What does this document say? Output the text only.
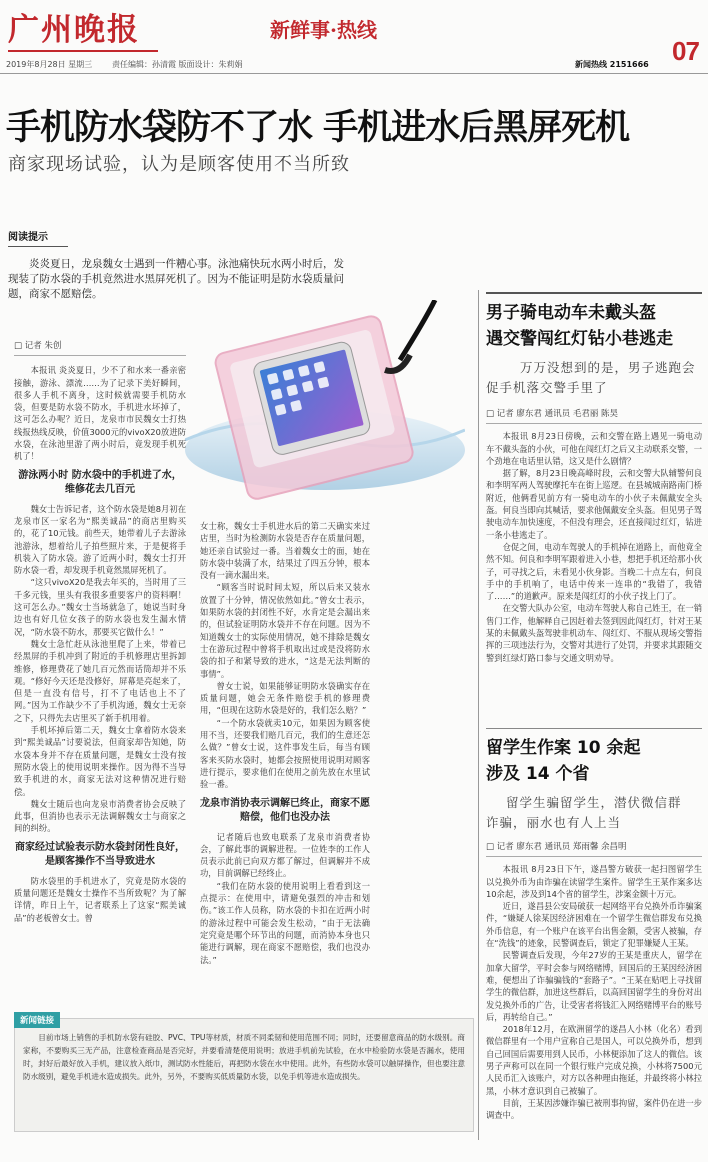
广州晚报	新鲜事·热线
07
2019年8月28日 星期三 责任编辑：孙清霞 版面设计：朱莉娟	新闻热线 2151666
手机防水袋防不了水 手机进水后黑屏死机
商家现场试验，认为是顾客使用不当所致
阅读提示
炎炎夏日，龙泉魏女士遇到一件糟心事。泳池痛快玩水两小时后，发现装了防水袋的手机竟然进水黑屏死机了。因为不能证明是防水袋质量问题，商家不愿赔偿。

□ 记者 朱创

本报讯 炎炎夏日，少不了和水来一番亲密接触，游泳、漂流……为了记录下美好瞬间，很多人手机不离身，这时候就需要手机防水袋，但要是防水袋不防水，手机进水坏掉了，这可怎么办呢？近日，龙泉市市民魏女士打热线报热线反映，价值3000元的vivoX20放进防水袋，在泳池里游了两小时后，竟发现手机死机了！

游泳两小时 防水袋中的手机进了水，维修花去几百元

魏女士告诉记者，这个防水袋是她8月初在龙泉市区一家名为“熙美诚品”的商店里购买的，花了10元钱。前些天，她带着儿子去游泳池游泳，想着给儿子拍些照片来，于是便将手机装入了防水袋。游了近两小时，魏女士打开防水袋一看，却发现手机竟然黑屏死机了。

“这只vivoX20是我去年买的，当时用了三千多元钱，里头有我很多重要客户的资料啊！这可怎么办。”魏女士当场就急了，她说当时身边也有好几位女孩子的防水袋也发生漏水情况，“防水袋不防水，那要买它做什么！”

魏女士急忙赶从泳池里爬了上来，带着已经黑屏的手机冲到了附近的手机修理店里拆卸维修，修理费花了她几百元然而话筒却并不乐观。“修好今天还是没修好，屏幕是亮起来了，但是一直没有信号，打不了电话也上不了网。”因为工作缺少不了手机沟通，魏女士无奈之下，只得先去店里买了新手机用着。

手机坏掉后第二天，魏女士拿着防水袋来到“熙美诚品”讨要说法，但商家却告知她，防水袋本身并不存在质量问题，是魏女士没有按照防水袋上的使用说明来操作。因为得不当导致手机进的水，商家无法对这种情况进行赔偿。

魏女士随后也向龙泉市消费者协会反映了此事，但消协也表示无法调解魏女士与商家之间的纠纷。

商家经过试验表示防水袋封闭性良好，是顾客操作不当导致进水

防水袋里的手机进水了，究竟是防水袋的质量问题还是魏女士操作不当所致呢？为了解详情，昨日上午，记者联系上了这家“熙美诚品”的老板曾女士。曾

女士称，魏女士手机进水后的第二天确实来过店里，当时为检测防水袋是否存在质量问题，她还亲自试验过一番。当着魏女士的面，她在防水袋中装满了水，结果过了四五分钟，根本没有一滴水漏出来。

“顾客当时说时间太短，所以后来又装水放置了十分钟，情况依然如此。”曾女士表示，如果防水袋的封闭性不好，水肯定是会漏出来的，但试验证明防水袋并不存在问题。因为不知道魏女士的实际使用情况，她不排除是魏女士在游玩过程中曾将手机取出过或是没将防水袋的扣子和紧导致的进水，“这是无法判断的事情”。

曾女士说，如果能够证明防水袋确实存在质量问题，她会无条件赔偿手机的修理费用，“但现在这防水袋是好的，我们怎么赔？”

“一个防水袋就卖10元，如果因为顾客使用不当，还要我们赔几百元，我们的生意还怎么做？”曾女士说，这件事发生后，每当有顾客来买防水袋时，她都会按照使用说明对顾客进行提示，要求他们在使用之前先放在水里试验一番。

龙泉市消协表示调解已终止，商家不愿赔偿，他们也没办法

记者随后也致电联系了龙泉市消费者协会，了解此事的调解进程。一位姓李的工作人员表示此前已向双方都了解过，但调解并不成功，目前调解已经终止。

“我们在防水袋的使用说明上看看到这一点提示：在使用中，请避免强烈的冲击和划伤。”该工作人员称，防水袋的卡扣在近两小时的游泳过程中可能会发生松动，“由于无法确定究竟是哪个环节出的问题，而消协本身也只能进行调解，现在商家不愿赔偿，我们也没办法。”

新闻链接
目前市场上销售的手机防水袋有硅胶、PVC、TPU等材质，材质不同柔韧和使用范围不同；同时，还要留意商品的防水级别。商家称，不要购买三无产品，注意检查商品是否完好，并要看清楚使用说明；放进手机前先试验，在水中检验防水袋是否漏水，使用时，封好后最好放入手机，建议放入纸巾，测试防水性能后，再把防水袋在水中使用。此外，有些防水袋可以触屏操作，但也要注意防水级别，避免手机进水造成损失。此外，另外，不要购买低质量防水袋，以免手机等进水造成损失。
男子骑电动车未戴头盔
遇交警闯红灯钻小巷逃走
万万没想到的是，男子逃跑会
促手机落交警手里了

□ 记者 廖东君 通讯员 毛君丽 陈昊

本报讯 8月23日傍晚，云和交警在路上遇见一骑电动车不戴头盔的小伙，可他在闯红灯之后又主动联系交警，一个劲地在电话里认错，这又是什么剧情？

据了解，8月23日晚高峰时段，云和交警大队辅警何良和李明军两人驾驶摩托车在街上巡逻。在县城城南路南门桥附近，他俩看见前方有一骑电动车的小伙子未佩戴安全头盔。何良当即向其喊话，要求他佩戴安全头盔。但见男子驾驶电动车加快速度，不但没有理会，还直接闯过红灯，钻进一条小巷逃走了。

仓促之间，电动车驾驶人的手机掉在道路上，而他竟全然不知。何良和李明军跟着进入小巷，想把手机还给那小伙子，可寻找之后，未看见小伙身影。当晚二十点左右，何良手中的手机响了，电话中传来一连串的“我错了，我错了……”的道歉声。原来是闯红灯的小伙子找上门了。

在交警大队办公室，电动车驾驶人称自己姓王，在一销售门工作，他解释自己因赶着去签到因此闯红灯，针对王某某的未佩戴头盔驾驶非机动车、闯红灯、不服从现场交警指挥的三项违法行为，交警对其进行了处罚，并要求其跟随交警到红绿灯路口参与交通文明劝导。

留学生作案 10 余起
涉及 14 个省
留学生骗留学生，潜伏微信群
诈骗，丽水也有人上当

□ 记者 廖东君 通讯员 郑雨馨 余昌明

本报讯 8月23日下午，遂昌警方破获一起扫图留学生以兑换外币为由诈骗在读留学生案件。留学生王某作案多达10余起，涉及到14个省的留学生，涉案金额十万元。

近日，遂昌县公安局破获一起网络平台兑换外币诈骗案件，“嫌疑人徐某因经济困难在一个留学生微信群发布兑换外币信息，有一个账户在该平台出售金额，受害人被骗，存在“洗钱”的迹象，民警调查后，锁定了犯罪嫌疑人王某。

民警调查后发现，今年27岁的王某是重庆人，留学在加拿大留学，平时会参与网络赌博，回国后的王某因经济困难，便想出了诈骗骗钱的“套路子”。“王某在贴吧上寻找留学生的微信群，加进这些群后，以高回国留学生的身份对出发兑换外币的广告，让受害者将钱汇入网络赌博平台的账号后，再转给自己。”

2018年12月，在欧洲留学的遂昌人小林（化名）看到微信群里有一个用户宣称自己是国人，可以兑换外币，想到自己回国后需要用到人民币，小林便添加了这人的微信。该男子声称可以在同一个银行账户完成兑换，小林将7500元人民币汇入该账户，对方以各种理由拖延，并最终将小林拉黑，小林才意识到自己被骗了。

目前，王某因涉嫌诈骗已被刑事拘留，案件仍在进一步调查中。
